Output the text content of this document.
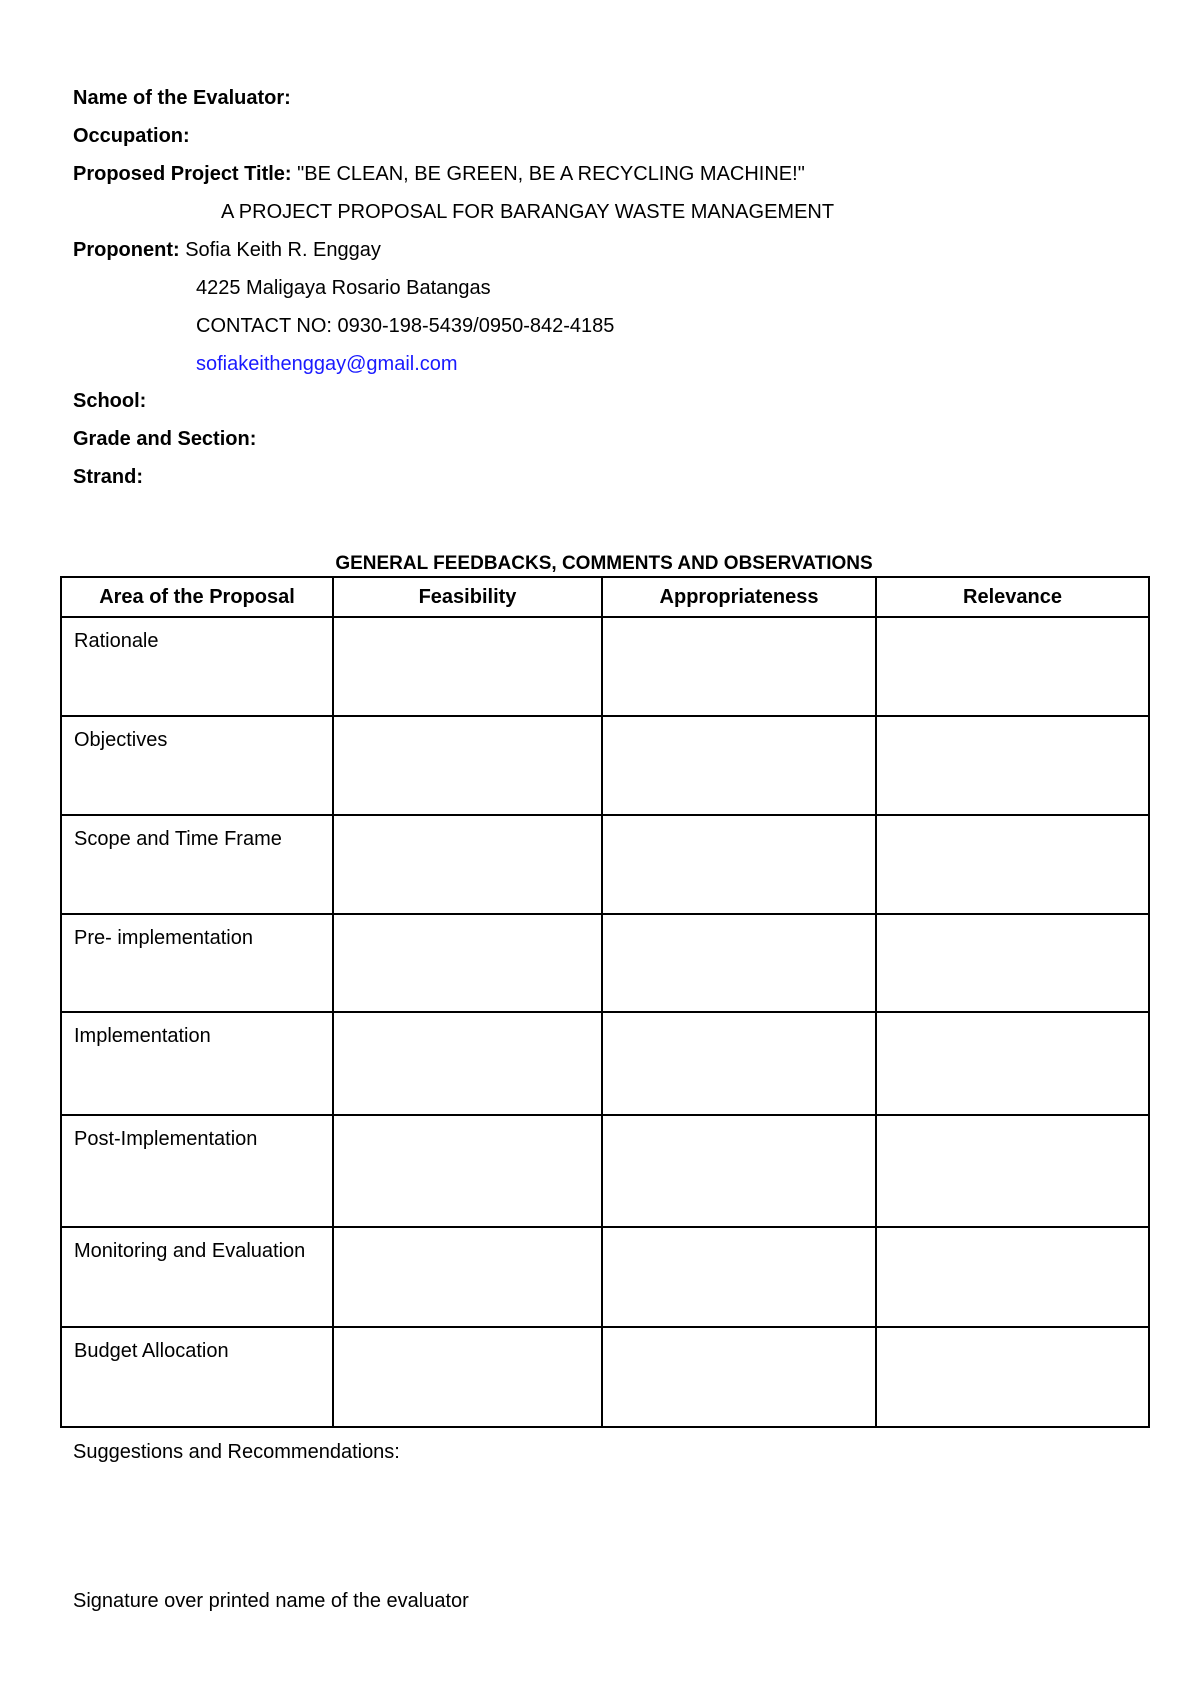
Name of the Evaluator:
Occupation:
Proposed Project Title: "BE CLEAN, BE GREEN, BE A RECYCLING MACHINE!"
A PROJECT PROPOSAL FOR BARANGAY WASTE MANAGEMENT
Proponent: Sofia Keith R. Enggay
4225 Maligaya Rosario Batangas
CONTACT NO: 0930-198-5439/0950-842-4185
sofiakeithenggay@gmail.com
School:
Grade and Section:
Strand:
GENERAL FEEDBACKS, COMMENTS AND OBSERVATIONS
Area of the Proposal	Feasibility	Appropriateness	Relevance
Rationale			
Objectives			
Scope and Time Frame			
Pre- implementation			
Implementation			
Post-Implementation			
Monitoring and Evaluation			
Budget Allocation			
Suggestions and Recommendations:
Signature over printed name of the evaluator
